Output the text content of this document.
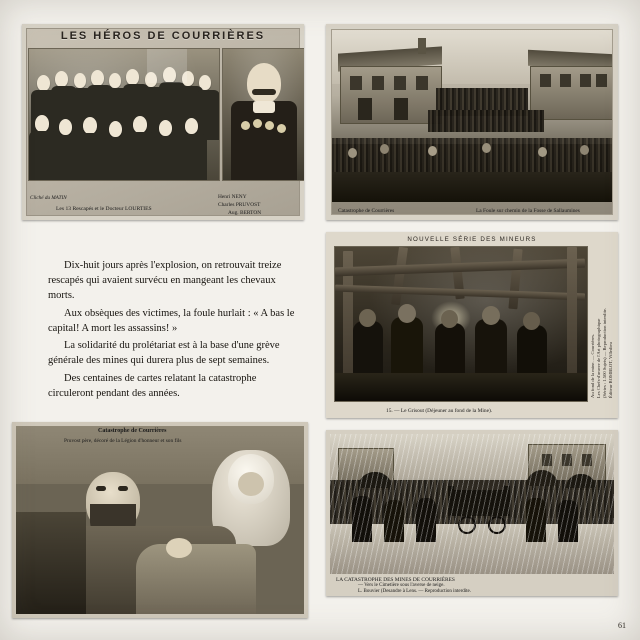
LES HÉROS DE COURRIÈRES
Cliché du MATIN
Les 13 Rescapés et le Docteur LOURTIES
Henri NENY
Charles PRUVOST
Aug. BERTON	Catastrophe de Courrières	La Foule sur chemin de la Fosse de Sallaumines
NOUVELLE SÉRIE DES MINEURS
Au fond de la mine. — Courrières. Les Chefs-d'œuvre de l'Art photographique (Séries : 1.500 Sujets) — Reproduction interdite. Éditeur ROMBLOT, Villedieu
15. — Le Grisout (Déjeuner au fond de la Mine).
Catastrophe de Courrières
Pruvost père, décoré de la Légion d'honneur et son fils
LA CATASTROPHE DES MINES DE COURRIÈRES
— Vers le Cimetière sous l'averse de neige.
L. Bouvier (Desandre à Lens. — Reproduction interdite.

Dix-huit jours après l'explosion, on retrouvait treize rescapés qui avaient survécu en mangeant les chevaux morts.

Aux obsèques des victimes, la foule hurlait : « A bas le capital! A mort les assassins! »

La solidarité du prolétariat est à la base d'une grève générale des mines qui durera plus de sept semaines.

Des centaines de cartes relatant la catastrophe circuleront pendant des années.

61
